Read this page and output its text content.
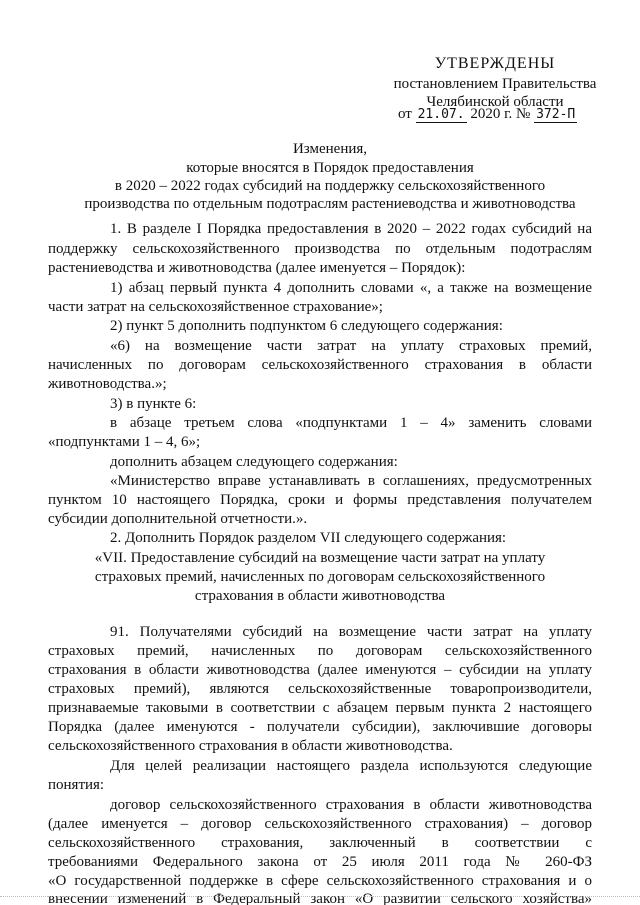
УТВЕРЖДЕНЫ
постановлением Правительства
Челябинской области
от 21.07. 2020 г. № 372-П
Изменения,
которые вносятся в Порядок предоставления
в 2020 – 2022 годах субсидий на поддержку сельскохозяйственного
производства по отдельным подотраслям растениеводства и животноводства
1. В разделе I Порядка предоставления в 2020 – 2022 годах субсидий на
поддержку сельскохозяйственного производства по отдельным подотраслям
растениеводства и животноводства (далее именуется – Порядок):
1) абзац первый пункта 4 дополнить словами «, а также на возмещение
части затрат на сельскохозяйственное страхование»;
2) пункт 5 дополнить подпунктом 6 следующего содержания:
«6) на возмещение части затрат на уплату страховых премий,
начисленных по договорам сельскохозяйственного страхования в области
животноводства.»;
3) в пункте 6:
в абзаце третьем слова «подпунктами 1 – 4» заменить словами
«подпунктами 1 – 4, 6»;
дополнить абзацем следующего содержания:
«Министерство вправе устанавливать в соглашениях, предусмотренных
пунктом 10 настоящего Порядка, сроки и формы представления получателем
субсидии дополнительной отчетности.».
2. Дополнить Порядок разделом VII следующего содержания:
«VII. Предоставление субсидий на возмещение части затрат на уплату
страховых премий, начисленных по договорам сельскохозяйственного
страхования в области животноводства
91. Получателями субсидий на возмещение части затрат на уплату
страховых премий, начисленных по договорам сельскохозяйственного
страхования в области животноводства (далее именуются – субсидии на уплату
страховых премий), являются сельскохозяйственные товаропроизводители,
признаваемые таковыми в соответствии с абзацем первым пункта 2 настоящего
Порядка (далее именуются - получатели субсидии), заключившие договоры
сельскохозяйственного страхования в области животноводства.
Для целей реализации настоящего раздела используются следующие
понятия:
договор сельскохозяйственного страхования в области животноводства
(далее именуется – договор сельскохозяйственного страхования) – договор
сельскохозяйственного страхования, заключенный в соответствии с
требованиями Федерального закона от 25 июля 2011 года № 260-ФЗ
«О государственной поддержке в сфере сельскохозяйственного страхования и о
внесении изменений в Федеральный закон «О развитии сельского хозяйства»
